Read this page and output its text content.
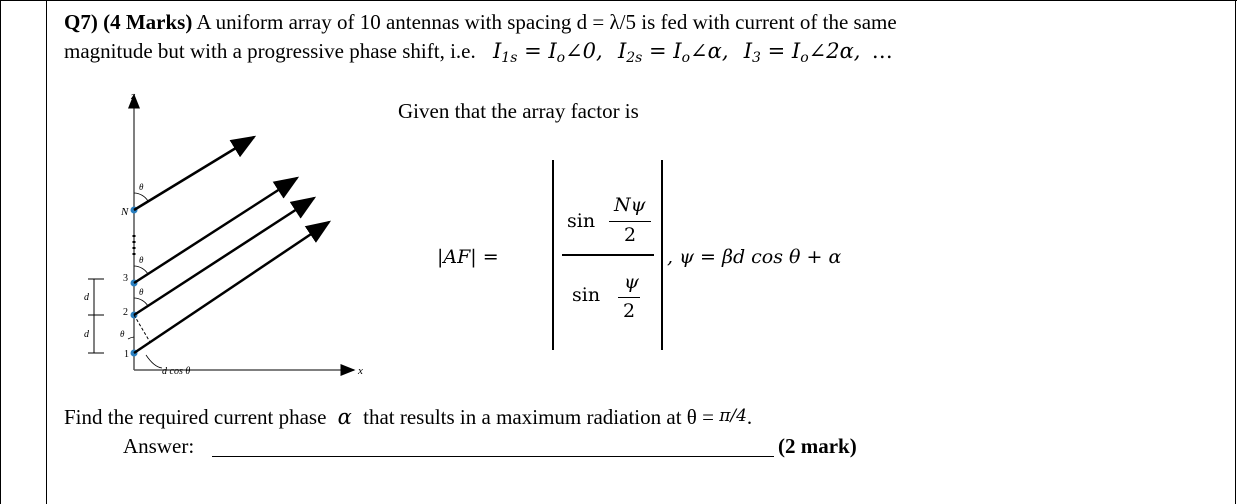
Q7) (4 Marks) A uniform array of 10 antennas with spacing d = λ/5 is fed with current of the same
magnitude but with a progressive phase shift, i.e. $I_{1s}$ = $I_o\angle 0$, $I_{2s}$ = $I_o\angle\alpha$, $I_3$ = $I_o\angle 2\alpha$, …
z
x
N
3
2
1
θ
θ
θ
θ
d cos θ
d
d
Given that the array factor is
|AF| =
sin
Nψ
2
sin
ψ
2
, ψ = βd cos θ + α
Find the required current phase α that results in a maximum radiation at θ = π/4.
Answer:	(2 mark)
